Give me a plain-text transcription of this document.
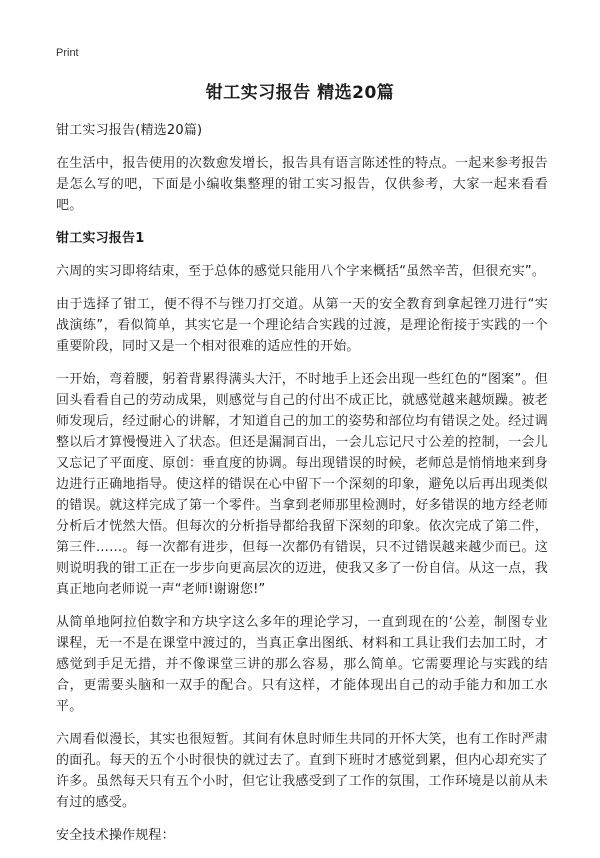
Print
钳工实习报告 精选20篇

钳工实习报告(精选20篇)

在生活中，报告使用的次数愈发增长，报告具有语言陈述性的特点。一起来参考报告是怎么写的吧，下面是小编收集整理的钳工实习报告，仅供参考，大家一起来看看吧。

钳工实习报告1

六周的实习即将结束，至于总体的感觉只能用八个字来概括“虽然辛苦，但很充实”。

由于选择了钳工，便不得不与锉刀打交道。从第一天的安全教育到拿起锉刀进行“实战演练”，看似简单，其实它是一个理论结合实践的过渡，是理论衔接于实践的一个重要阶段，同时又是一个相对很难的适应性的开始。

一开始，弯着腰，躬着背累得满头大汗，不时地手上还会出现一些红色的“图案”。但回头看看自己的劳动成果，则感觉与自己的付出不成正比，就感觉越来越烦躁。被老师发现后，经过耐心的讲解，才知道自己的加工的姿势和部位均有错误之处。经过调整以后才算慢慢进入了状态。但还是漏洞百出，一会儿忘记尺寸公差的控制，一会儿又忘记了平面度、原创：垂直度的协调。每出现错误的时候，老师总是悄悄地来到身边进行正确地指导。使这样的错误在心中留下一个深刻的印象，避免以后再出现类似的错误。就这样完成了第一个零件。当拿到老师那里检测时，好多错误的地方经老师分析后才恍然大悟。但每次的分析指导都给我留下深刻的印象。依次完成了第二件，第三件……。每一次都有进步，但每一次都仍有错误，只不过错误越来越少而已。这则说明我的钳工正在一步步向更高层次的迈进，使我又多了一份自信。从这一点，我真正地向老师说一声“老师!谢谢您!”

从简单地阿拉伯数字和方块字这么多年的理论学习，一直到现在的‘公差，制图专业课程，无一不是在课堂中渡过的，当真正拿出图纸、材料和工具让我们去加工时，才感觉到手足无措，并不像课堂三讲的那么容易，那么简单。它需要理论与实践的结合，更需要头脑和一双手的配合。只有这样，才能体现出自己的动手能力和加工水平。

六周看似漫长，其实也很短暂。其间有休息时师生共同的开怀大笑，也有工作时严肃的面孔。每天的五个小时很快的就过去了。直到下班时才感觉到累，但内心却充实了许多。虽然每天只有五个小时，但它让我感受到了工作的氛围，工作环境是以前从未有过的感受。

安全技术操作规程：
